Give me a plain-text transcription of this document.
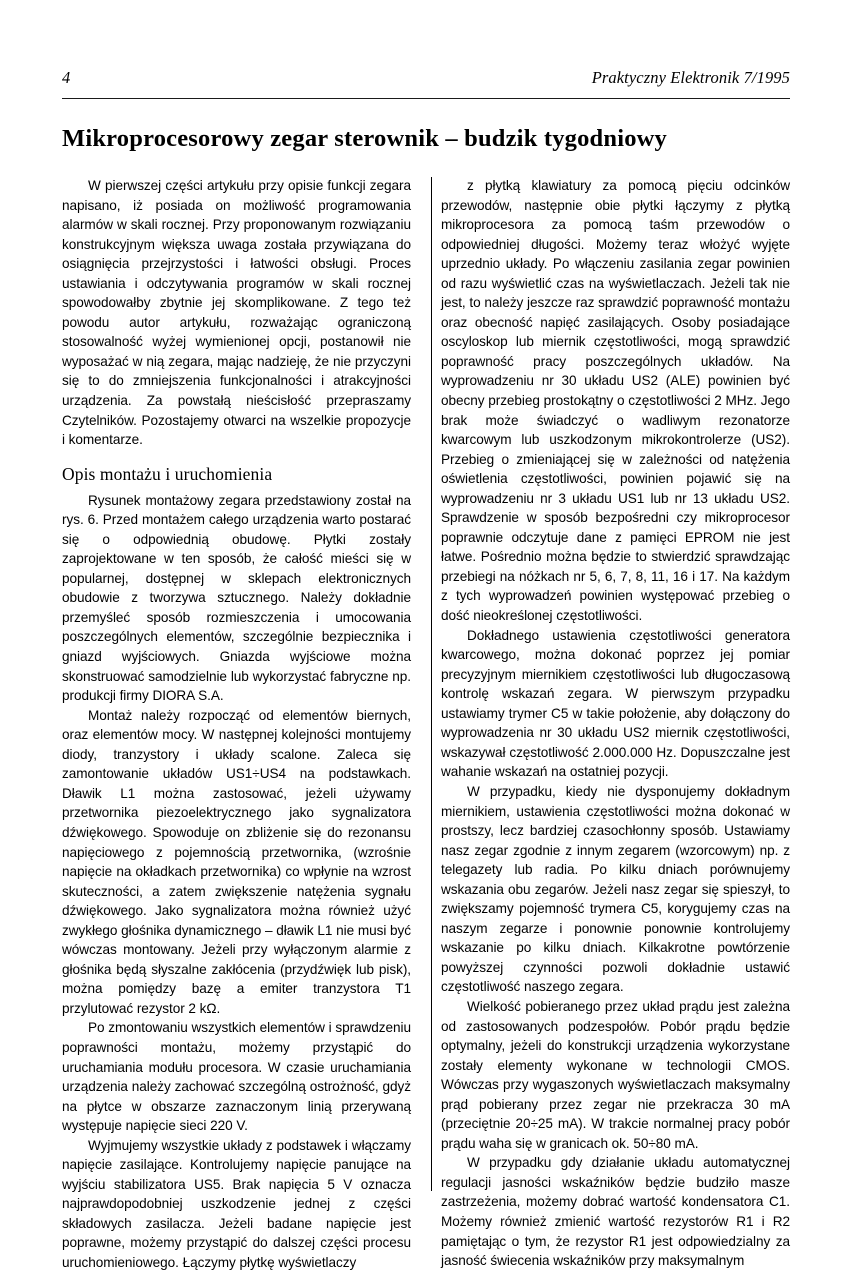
4	Praktyczny Elektronik 7/1995
Mikroprocesorowy zegar sterownik – budzik tygodniowy

W pierwszej części artykułu przy opisie funkcji zegara napisano, iż posiada on możliwość programowania alarmów w skali rocznej. Przy proponowanym rozwiązaniu konstrukcyjnym większa uwaga została przywiązana do osiągnięcia przejrzystości i łatwości obsługi. Proces ustawiania i odczytywania programów w skali rocznej spowodowałby zbytnie jej skomplikowane. Z tego też powodu autor artykułu, rozważając ograniczoną stosowalność wyżej wymienionej opcji, postanowił nie wyposażać w nią zegara, mając nadzieję, że nie przyczyni się to do zmniejszenia funkcjonalności i atrakcyjności urządzenia. Za powstałą nieścisłość przepraszamy Czytelników. Pozostajemy otwarci na wszelkie propozycje i komentarze.

Opis montażu i uruchomienia

Rysunek montażowy zegara przedstawiony został na rys. 6. Przed montażem całego urządzenia warto postarać się o odpowiednią obudowę. Płytki zostały zaprojektowane w ten sposób, że całość mieści się w popularnej, dostępnej w sklepach elektronicznych obudowie z tworzywa sztucznego. Należy dokładnie przemyśleć sposób rozmieszczenia i umocowania poszczególnych elementów, szczególnie bezpiecznika i gniazd wyjściowych. Gniazda wyjściowe można skonstruować samodzielnie lub wykorzystać fabryczne np. produkcji firmy DIORA S.A.

Montaż należy rozpocząć od elementów biernych, oraz elementów mocy. W następnej kolejności montujemy diody, tranzystory i układy scalone. Zaleca się zamontowanie układów US1÷US4 na podstawkach. Dławik L1 można zastosować, jeżeli używamy przetwornika piezoelektrycznego jako sygnalizatora dźwiękowego. Spowoduje on zbliżenie się do rezonansu napięciowego z pojemnością przetwornika, (wzrośnie napięcie na okładkach przetwornika) co wpłynie na wzrost skuteczności, a zatem zwiększenie natężenia sygnału dźwiękowego. Jako sygnalizatora można również użyć zwykłego głośnika dynamicznego – dławik L1 nie musi być wówczas montowany. Jeżeli przy wyłączonym alarmie z głośnika będą słyszalne zakłócenia (przydźwięk lub pisk), można pomiędzy bazę a emiter tranzystora T1 przylutować rezystor 2 kΩ.

Po zmontowaniu wszystkich elementów i sprawdzeniu poprawności montażu, możemy przystąpić do uruchamiania modułu procesora. W czasie uruchamiania urządzenia należy zachować szczególną ostrożność, gdyż na płytce w obszarze zaznaczonym linią przerywaną występuje napięcie sieci 220 V.

Wyjmujemy wszystkie układy z podstawek i włączamy napięcie zasilające. Kontrolujemy napięcie panujące na wyjściu stabilizatora US5. Brak napięcia 5 V oznacza najprawdopodobniej uszkodzenie jednej z części składowych zasilacza. Jeżeli badane napięcie jest poprawne, możemy przystąpić do dalszej części procesu uruchomieniowego. Łączymy płytkę wyświetlaczy

z płytką klawiatury za pomocą pięciu odcinków przewodów, następnie obie płytki łączymy z płytką mikroprocesora za pomocą taśm przewodów o odpowiedniej długości. Możemy teraz włożyć wyjęte uprzednio układy. Po włączeniu zasilania zegar powinien od razu wyświetlić czas na wyświetlaczach. Jeżeli tak nie jest, to należy jeszcze raz sprawdzić poprawność montażu oraz obecność napięć zasilających. Osoby posiadające oscyloskop lub miernik częstotliwości, mogą sprawdzić poprawność pracy poszczególnych układów. Na wyprowadzeniu nr 30 układu US2 (ALE) powinien być obecny przebieg prostokątny o częstotliwości 2 MHz. Jego brak może świadczyć o wadliwym rezonatorze kwarcowym lub uszkodzonym mikrokontrolerze (US2). Przebieg o zmieniającej się w zależności od natężenia oświetlenia częstotliwości, powinien pojawić się na wyprowadzeniu nr 3 układu US1 lub nr 13 układu US2. Sprawdzenie w sposób bezpośredni czy mikroprocesor poprawnie odczytuje dane z pamięci EPROM nie jest łatwe. Pośrednio można będzie to stwierdzić sprawdzając przebiegi na nóżkach nr 5, 6, 7, 8, 11, 16 i 17. Na każdym z tych wyprowadzeń powinien występować przebieg o dość nieokreślonej częstotliwości.

Dokładnego ustawienia częstotliwości generatora kwarcowego, można dokonać poprzez jej pomiar precyzyjnym miernikiem częstotliwości lub długoczasową kontrolę wskazań zegara. W pierwszym przypadku ustawiamy trymer C5 w takie położenie, aby dołączony do wyprowadzenia nr 30 układu US2 miernik częstotliwości, wskazywał częstotliwość 2.000.000 Hz. Dopuszczalne jest wahanie wskazań na ostatniej pozycji.

W przypadku, kiedy nie dysponujemy dokładnym miernikiem, ustawienia częstotliwości można dokonać w prostszy, lecz bardziej czasochłonny sposób. Ustawiamy nasz zegar zgodnie z innym zegarem (wzorcowym) np. z telegazety lub radia. Po kilku dniach porównujemy wskazania obu zegarów. Jeżeli nasz zegar się spieszył, to zwiększamy pojemność trymera C5, korygujemy czas na naszym zegarze i ponownie ponownie kontrolujemy wskazanie po kilku dniach. Kilkakrotne powtórzenie powyższej czynności pozwoli dokładnie ustawić częstotliwość naszego zegara.

Wielkość pobieranego przez układ prądu jest zależna od zastosowanych podzespołów. Pobór prądu będzie optymalny, jeżeli do konstrukcji urządzenia wykorzystane zostały elementy wykonane w technologii CMOS. Wówczas przy wygaszonych wyświetlaczach maksymalny prąd pobierany przez zegar nie przekracza 30 mA (przeciętnie 20÷25 mA). W trakcie normalnej pracy pobór prądu waha się w granicach ok. 50÷80 mA.

W przypadku gdy działanie układu automatycznej regulacji jasności wskaźników będzie budziło masze zastrzeżenia, możemy dobrać wartość kondensatora C1. Możemy również zmienić wartość rezystorów R1 i R2 pamiętając o tym, że rezystor R1 jest odpowiedzialny za jasność świecenia wskaźników przy maksymalnym
